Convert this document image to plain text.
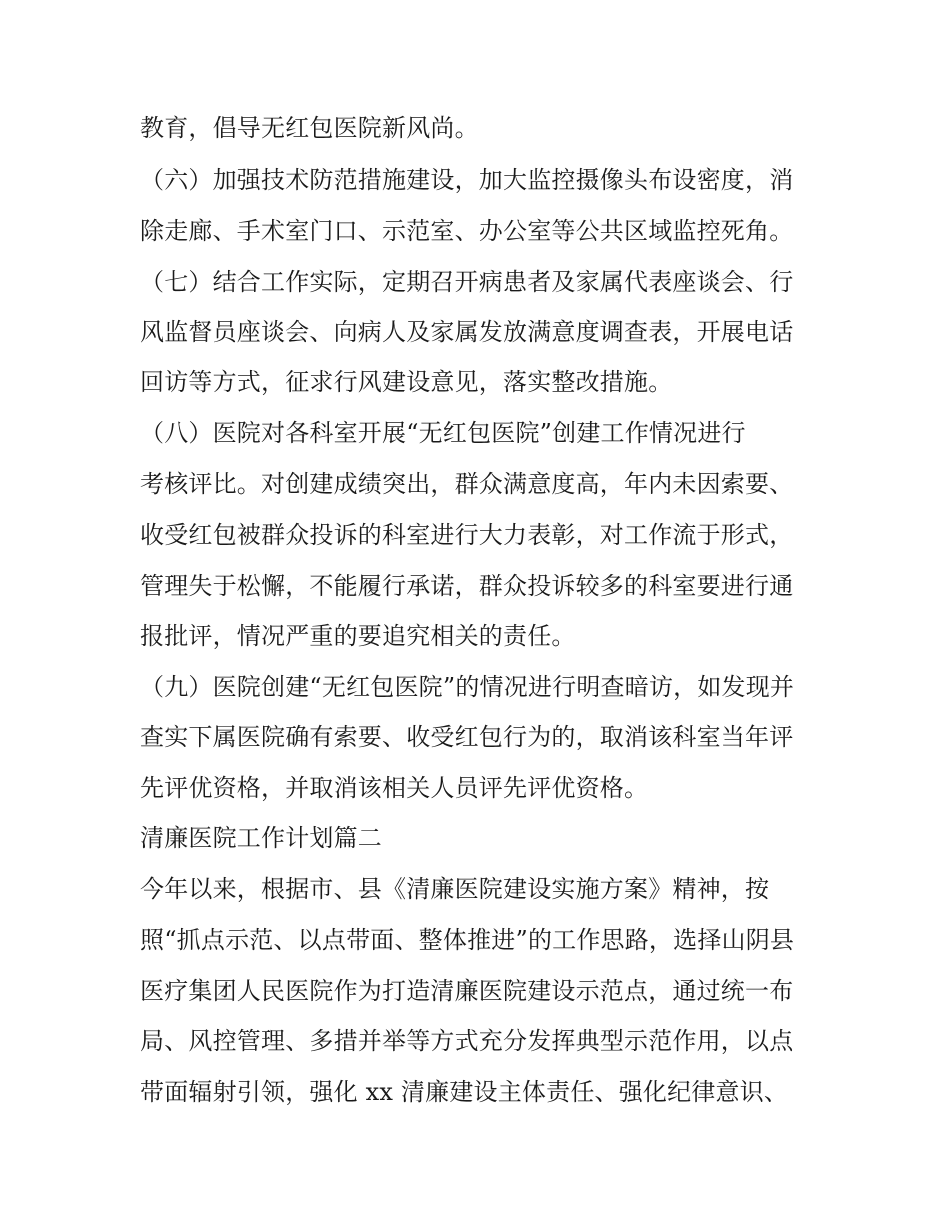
教育，倡导无红包医院新风尚。
（六）加强技术防范措施建设，加大监控摄像头布设密度，消
除走廊、手术室门口、示范室、办公室等公共区域监控死角。
（七）结合工作实际，定期召开病患者及家属代表座谈会、行
风监督员座谈会、向病人及家属发放满意度调查表，开展电话
回访等方式，征求行风建设意见，落实整改措施。
（八）医院对各科室开展“无红包医院”创建工作情况进行
考核评比。对创建成绩突出，群众满意度高，年内未因索要、
收受红包被群众投诉的科室进行大力表彰，对工作流于形式，
管理失于松懈，不能履行承诺，群众投诉较多的科室要进行通
报批评，情况严重的要追究相关的责任。
（九）医院创建“无红包医院”的情况进行明查暗访，如发现并
查实下属医院确有索要、收受红包行为的，取消该科室当年评
先评优资格，并取消该相关人员评先评优资格。
清廉医院工作计划篇二
今年以来，根据市、县《清廉医院建设实施方案》精神，按
照“抓点示范、以点带面、整体推进”的工作思路，选择山阴县
医疗集团人民医院作为打造清廉医院建设示范点，通过统一布
局、风控管理、多措并举等方式充分发挥典型示范作用，以点
带面辐射引领，强化 xx 清廉建设主体责任、强化纪律意识、
